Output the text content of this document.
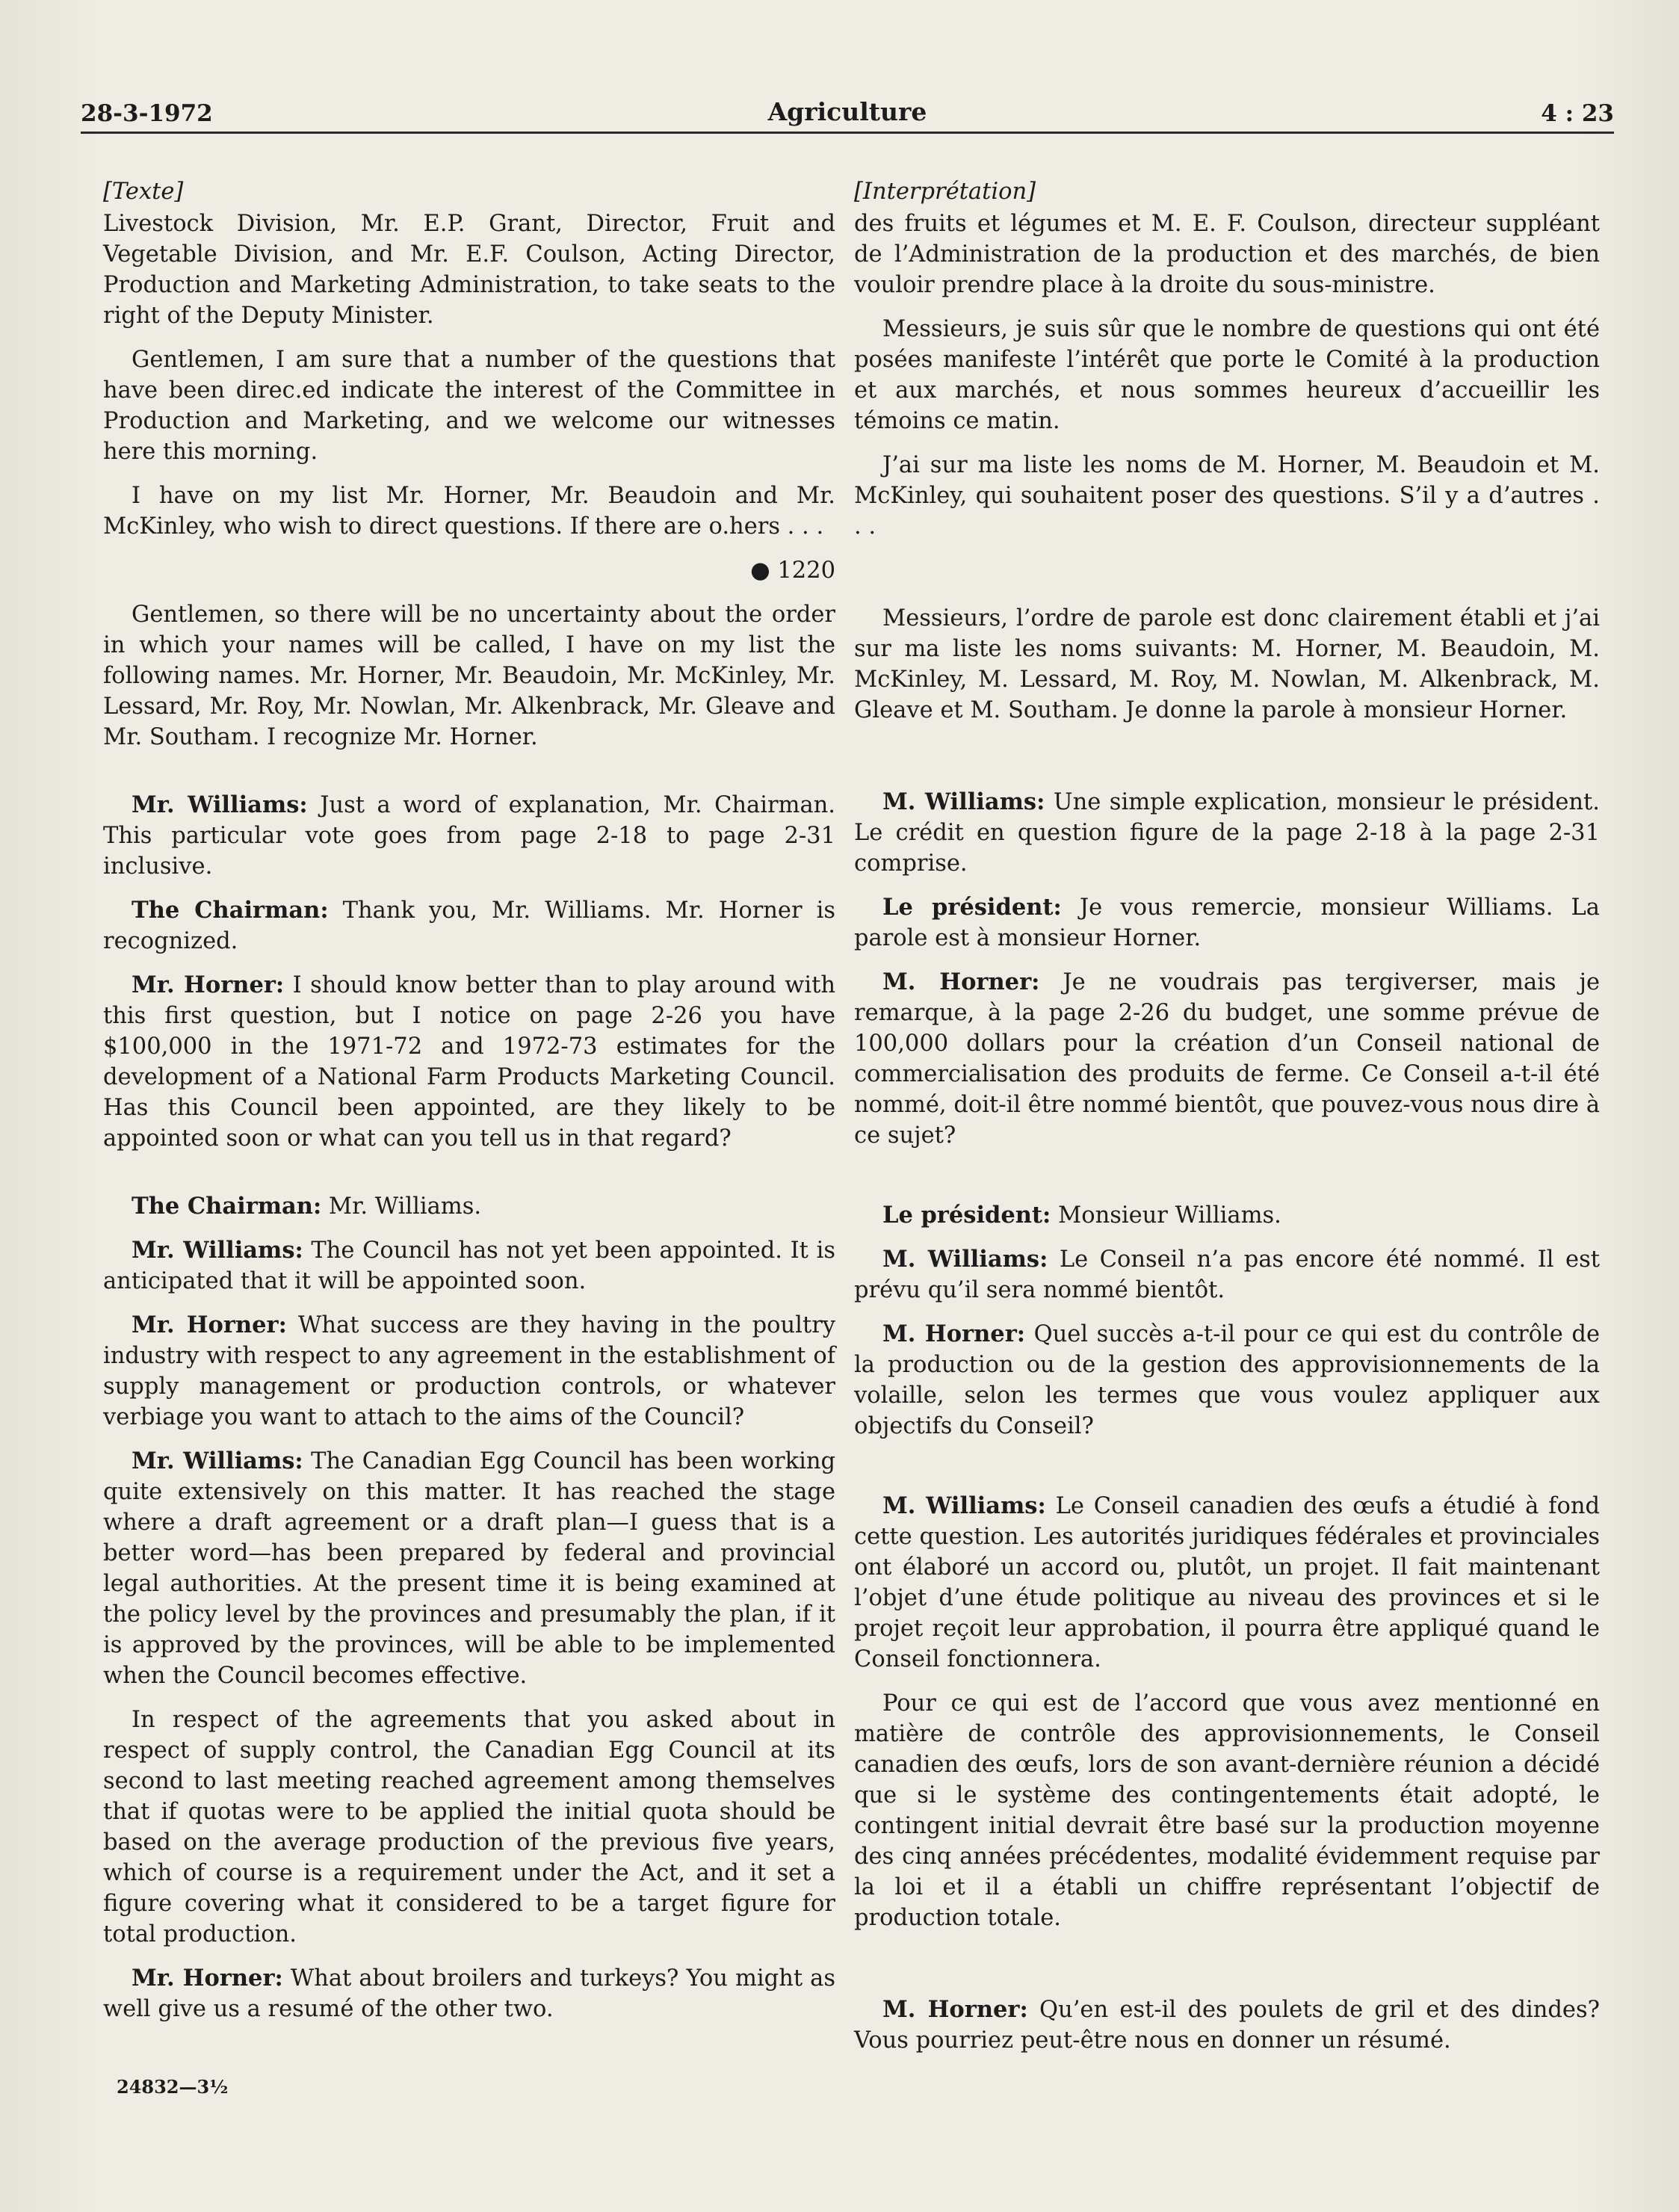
28-3-1972	Agriculture	4 : 23

[Texte]

Livestock Division, Mr. E.P. Grant, Director, Fruit and Vegetable Division, and Mr. E.F. Coulson, Acting Director, Production and Marketing Administration, to take seats to the right of the Deputy Minister.

Gentlemen, I am sure that a number of the questions that have been direc.ed indicate the interest of the Committee in Production and Marketing, and we welcome our witnesses here this morning.

I have on my list Mr. Horner, Mr. Beaudoin and Mr. McKinley, who wish to direct questions. If there are o.hers . . .

● 1220

Gentlemen, so there will be no uncertainty about the order in which your names will be called, I have on my list the following names. Mr. Horner, Mr. Beaudoin, Mr. McKinley, Mr. Lessard, Mr. Roy, Mr. Nowlan, Mr. Alkenbrack, Mr. Gleave and Mr. Southam. I recognize Mr. Horner.

Mr. Williams: Just a word of explanation, Mr. Chairman. This particular vote goes from page 2-18 to page 2-31 inclusive.

The Chairman: Thank you, Mr. Williams. Mr. Horner is recognized.

Mr. Horner: I should know better than to play around with this first question, but I notice on page 2-26 you have $100,000 in the 1971-72 and 1972-73 estimates for the development of a National Farm Products Marketing Council. Has this Council been appointed, are they likely to be appointed soon or what can you tell us in that regard?

The Chairman: Mr. Williams.

Mr. Williams: The Council has not yet been appointed. It is anticipated that it will be appointed soon.

Mr. Horner: What success are they having in the poultry industry with respect to any agreement in the establishment of supply management or production controls, or whatever verbiage you want to attach to the aims of the Council?

Mr. Williams: The Canadian Egg Council has been working quite extensively on this matter. It has reached the stage where a draft agreement or a draft plan—I guess that is a better word—has been prepared by federal and provincial legal authorities. At the present time it is being examined at the policy level by the provinces and presumably the plan, if it is approved by the provinces, will be able to be implemented when the Council becomes effective.

In respect of the agreements that you asked about in respect of supply control, the Canadian Egg Council at its second to last meeting reached agreement among themselves that if quotas were to be applied the initial quota should be based on the average production of the previous five years, which of course is a requirement under the Act, and it set a figure covering what it considered to be a target figure for total production.

Mr. Horner: What about broilers and turkeys? You might as well give us a resumé of the other two.

[Interprétation]

des fruits et légumes et M. E. F. Coulson, directeur suppléant de l’Administration de la production et des marchés, de bien vouloir prendre place à la droite du sous-ministre.

Messieurs, je suis sûr que le nombre de questions qui ont été posées manifeste l’intérêt que porte le Comité à la production et aux marchés, et nous sommes heureux d’accueillir les témoins ce matin.

J’ai sur ma liste les noms de M. Horner, M. Beaudoin et M. McKinley, qui souhaitent poser des questions. S’il y a d’autres . . .

Messieurs, l’ordre de parole est donc clairement établi et j’ai sur ma liste les noms suivants: M. Horner, M. Beaudoin, M. McKinley, M. Lessard, M. Roy, M. Nowlan, M. Alkenbrack, M. Gleave et M. Southam. Je donne la parole à monsieur Horner.

M. Williams: Une simple explication, monsieur le président. Le crédit en question figure de la page 2-18 à la page 2-31 comprise.

Le président: Je vous remercie, monsieur Williams. La parole est à monsieur Horner.

M. Horner: Je ne voudrais pas tergiverser, mais je remarque, à la page 2-26 du budget, une somme prévue de 100,000 dollars pour la création d’un Conseil national de commercialisation des produits de ferme. Ce Conseil a-t-il été nommé, doit-il être nommé bientôt, que pouvez-vous nous dire à ce sujet?

Le président: Monsieur Williams.

M. Williams: Le Conseil n’a pas encore été nommé. Il est prévu qu’il sera nommé bientôt.

M. Horner: Quel succès a-t-il pour ce qui est du contrôle de la production ou de la gestion des approvisionnements de la volaille, selon les termes que vous voulez appliquer aux objectifs du Conseil?

M. Williams: Le Conseil canadien des œufs a étudié à fond cette question. Les autorités juridiques fédérales et provinciales ont élaboré un accord ou, plutôt, un projet. Il fait maintenant l’objet d’une étude politique au niveau des provinces et si le projet reçoit leur approbation, il pourra être appliqué quand le Conseil fonctionnera.

Pour ce qui est de l’accord que vous avez mentionné en matière de contrôle des approvisionnements, le Conseil canadien des œufs, lors de son avant-dernière réunion a décidé que si le système des contingentements était adopté, le contingent initial devrait être basé sur la production moyenne des cinq années précédentes, modalité évidemment requise par la loi et il a établi un chiffre représentant l’objectif de production totale.

M. Horner: Qu’en est-il des poulets de gril et des dindes? Vous pourriez peut-être nous en donner un résumé.

24832—3½
